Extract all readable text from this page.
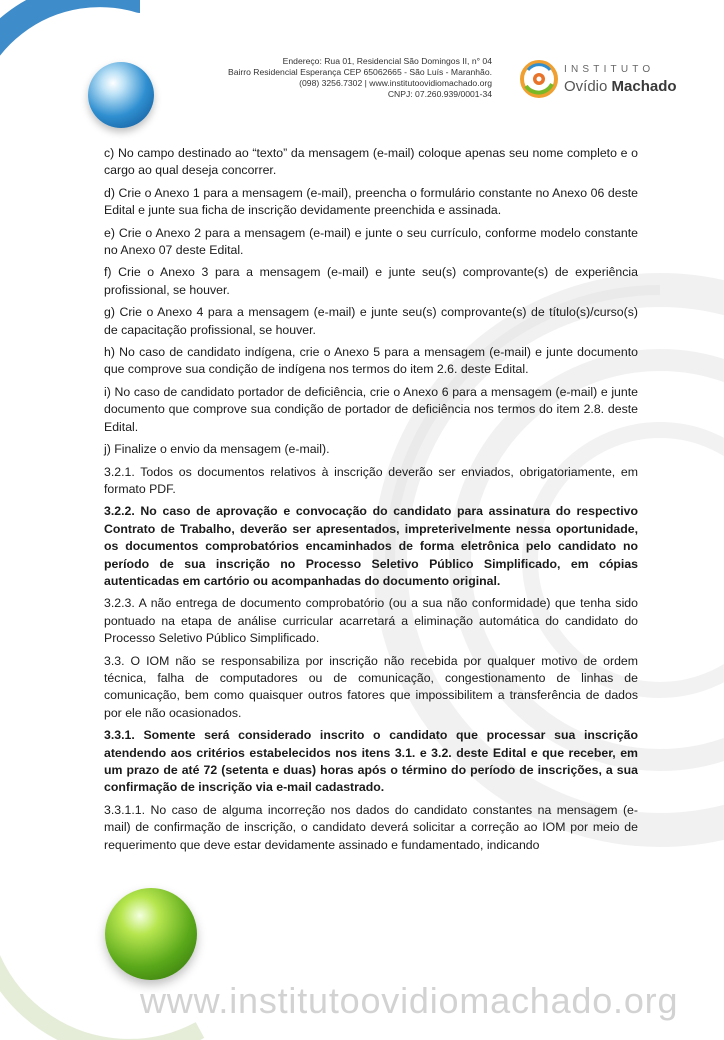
Endereço: Rua 01, Residencial São Domingos II, n° 04
Bairro Residencial Esperança CEP 65062665 - São Luís - Maranhão.
(098) 3256.7302 | www.institutoovidiomachado.org
CNPJ: 07.260.939/0001-34
INSTITUTO
Ovídio Machado

c) No campo destinado ao “texto” da mensagem (e-mail) coloque apenas seu nome completo e o cargo ao qual deseja concorrer.

d) Crie o Anexo 1 para a mensagem (e-mail), preencha o formulário constante no Anexo 06 deste Edital e junte sua ficha de inscrição devidamente preenchida e assinada.

e) Crie o Anexo 2 para a mensagem (e-mail) e junte o seu currículo, conforme modelo constante no Anexo 07 deste Edital.

f) Crie o Anexo 3 para a mensagem (e-mail) e junte seu(s) comprovante(s) de experiência profissional, se houver.

g) Crie o Anexo 4 para a mensagem (e-mail) e junte seu(s) comprovante(s) de título(s)/curso(s) de capacitação profissional, se houver.

h) No caso de candidato indígena, crie o Anexo 5 para a mensagem (e-mail) e junte documento que comprove sua condição de indígena nos termos do item 2.6. deste Edital.

i) No caso de candidato portador de deficiência, crie o Anexo 6 para a mensagem (e-mail) e junte documento que comprove sua condição de portador de deficiência nos termos do item 2.8. deste Edital.

j) Finalize o envio da mensagem (e-mail).

3.2.1. Todos os documentos relativos à inscrição deverão ser enviados, obrigatoriamente, em formato PDF.

3.2.2. No caso de aprovação e convocação do candidato para assinatura do respectivo Contrato de Trabalho, deverão ser apresentados, impreterivelmente nessa oportunidade, os documentos comprobatórios encaminhados de forma eletrônica pelo candidato no período de sua inscrição no Processo Seletivo Público Simplificado, em cópias autenticadas em cartório ou acompanhadas do documento original.

3.2.3. A não entrega de documento comprobatório (ou a sua não conformidade) que tenha sido pontuado na etapa de análise curricular acarretará a eliminação automática do candidato do Processo Seletivo Público Simplificado.

3.3. O IOM não se responsabiliza por inscrição não recebida por qualquer motivo de ordem técnica, falha de computadores ou de comunicação, congestionamento de linhas de comunicação, bem como quaisquer outros fatores que impossibilitem a transferência de dados por ele não ocasionados.

3.3.1. Somente será considerado inscrito o candidato que processar sua inscrição atendendo aos critérios estabelecidos nos itens 3.1. e 3.2. deste Edital e que receber, em um prazo de até 72 (setenta e duas) horas após o término do período de inscrições, a sua confirmação de inscrição via e-mail cadastrado.

3.3.1.1. No caso de alguma incorreção nos dados do candidato constantes na mensagem (e-mail) de confirmação de inscrição, o candidato deverá solicitar a correção ao IOM por meio de requerimento que deve estar devidamente assinado e fundamentado, indicando

www.institutoovidiomachado.org
